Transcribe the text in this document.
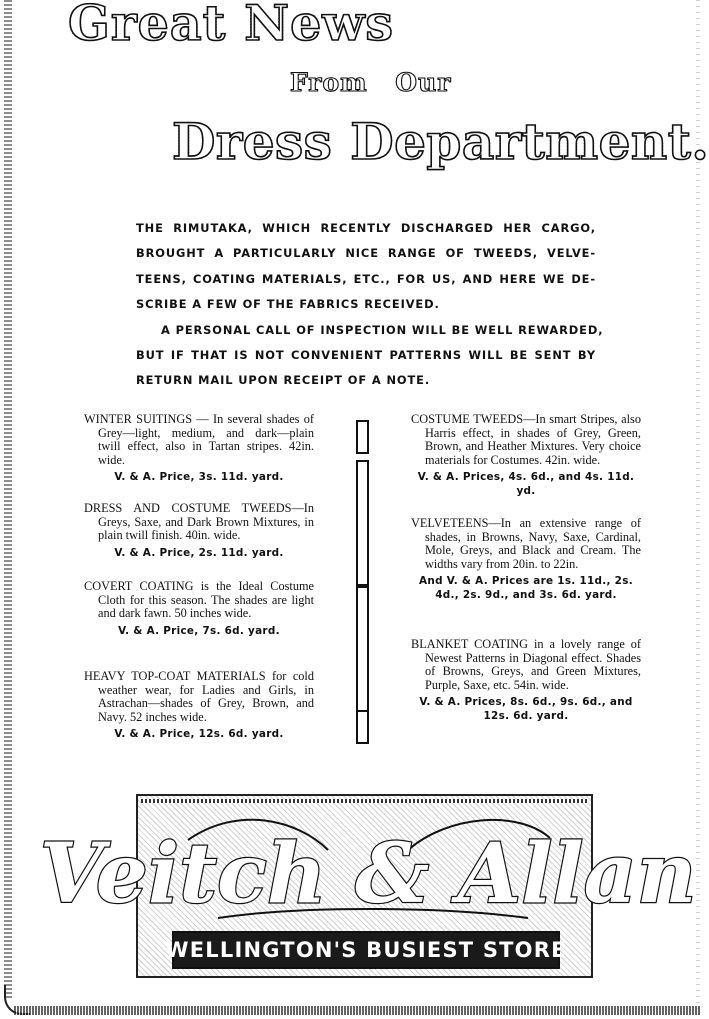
Great News
From Our
Dress Department.
THE RIMUTAKA, WHICH RECENTLY DISCHARGED HER CARGO,
BROUGHT A PARTICULARLY NICE RANGE OF TWEEDS, VELVE-
TEENS, COATING MATERIALS, ETC., FOR US, AND HERE WE DE-
SCRIBE A FEW OF THE FABRICS RECEIVED.
A PERSONAL CALL OF INSPECTION WILL BE WELL REWARDED,
BUT IF THAT IS NOT CONVENIENT PATTERNS WILL BE SENT BY
RETURN MAIL UPON RECEIPT OF A NOTE.

WINTER SUITINGS — In several shades of Grey—light, medium, and dark—plain twill effect, also in Tartan stripes. 42in. wide.

V. & A. Price, 3s. 11d. yard.

DRESS AND COSTUME TWEEDS—In Greys, Saxe, and Dark Brown Mixtures, in plain twill finish. 40in. wide.

V. & A. Price, 2s. 11d. yard.

COVERT COATING is the Ideal Costume Cloth for this season. The shades are light and dark fawn. 50 inches wide.

V. & A. Price, 7s. 6d. yard.

HEAVY TOP-COAT MATERIALS for cold weather wear, for Ladies and Girls, in Astrachan—shades of Grey, Brown, and Navy. 52 inches wide.

V. & A. Price, 12s. 6d. yard.

COSTUME TWEEDS—In smart Stripes, also Harris effect, in shades of Grey, Green, Brown, and Heather Mixtures. Very choice materials for Costumes. 42in. wide.

V. & A. Prices, 4s. 6d., and 4s. 11d. yd.

VELVETEENS—In an extensive range of shades, in Browns, Navy, Saxe, Cardinal, Mole, Greys, and Black and Cream. The widths vary from 20in. to 22in.

And V. & A. Prices are 1s. 11d., 2s. 4d., 2s. 9d., and 3s. 6d. yard.

BLANKET COATING in a lovely range of Newest Patterns in Diagonal effect. Shades of Browns, Greys, and Green Mixtures, Purple, Saxe, etc. 54in. wide.

V. & A. Prices, 8s. 6d., 9s. 6d., and 12s. 6d. yard.

Veitch & Allan
WELLINGTON'S BUSIEST STORE
